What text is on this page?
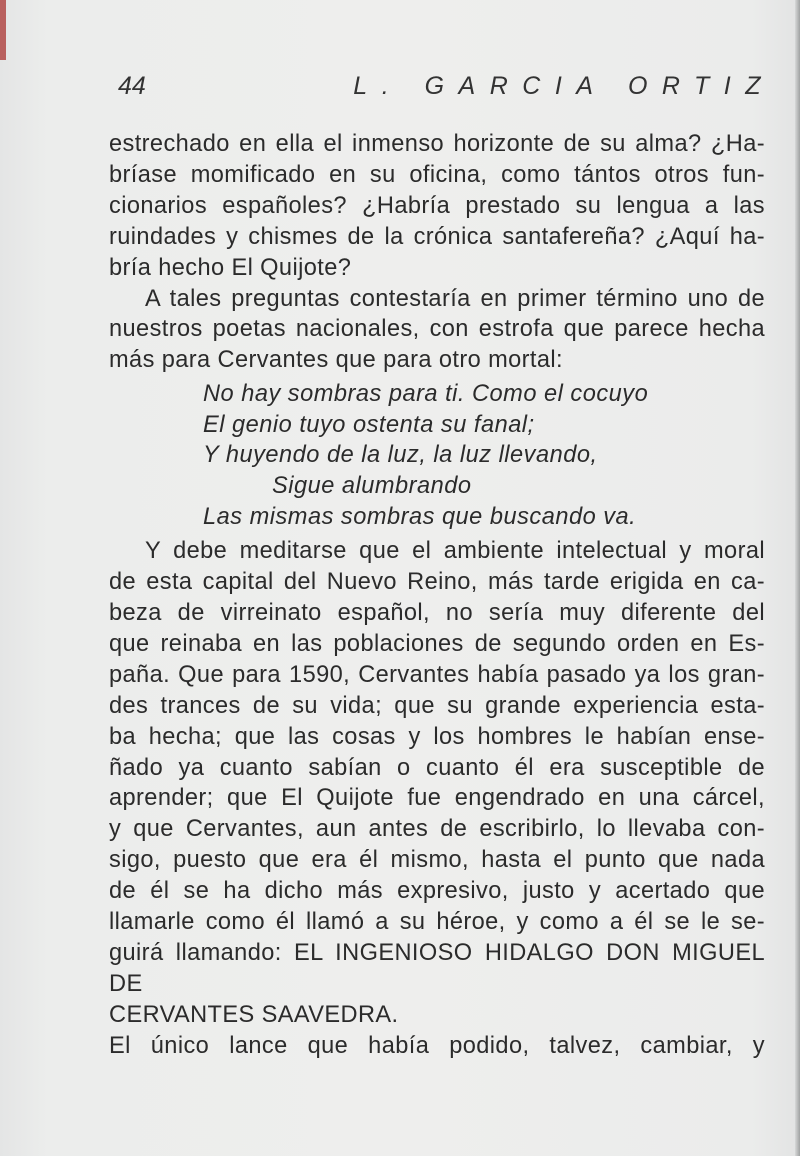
44	L. GARCIA ORTIZ
estrechado en ella el inmenso horizonte de su alma? ¿Ha-
bríase momificado en su oficina, como tántos otros fun-
cionarios españoles? ¿Habría prestado su lengua a las
ruindades y chismes de la crónica santafereña? ¿Aquí ha-
bría hecho El Quijote?
A tales preguntas contestaría en primer término uno de
nuestros poetas nacionales, con estrofa que parece hecha
más para Cervantes que para otro mortal:
No hay sombras para ti. Como el cocuyo
El genio tuyo ostenta su fanal;
Y huyendo de la luz, la luz llevando,
Sigue alumbrando
Las mismas sombras que buscando va.
Y debe meditarse que el ambiente intelectual y moral
de esta capital del Nuevo Reino, más tarde erigida en ca-
beza de virreinato español, no sería muy diferente del
que reinaba en las poblaciones de segundo orden en Es-
paña. Que para 1590, Cervantes había pasado ya los gran-
des trances de su vida; que su grande experiencia esta-
ba hecha; que las cosas y los hombres le habían ense-
ñado ya cuanto sabían o cuanto él era susceptible de
aprender; que El Quijote fue engendrado en una cárcel,
y que Cervantes, aun antes de escribirlo, lo llevaba con-
sigo, puesto que era él mismo, hasta el punto que nada
de él se ha dicho más expresivo, justo y acertado que
llamarle como él llamó a su héroe, y como a él se le se-
guirá llamando: EL INGENIOSO HIDALGO DON MIGUEL DE
CERVANTES SAAVEDRA.
El único lance que había podido, talvez, cambiar, y
